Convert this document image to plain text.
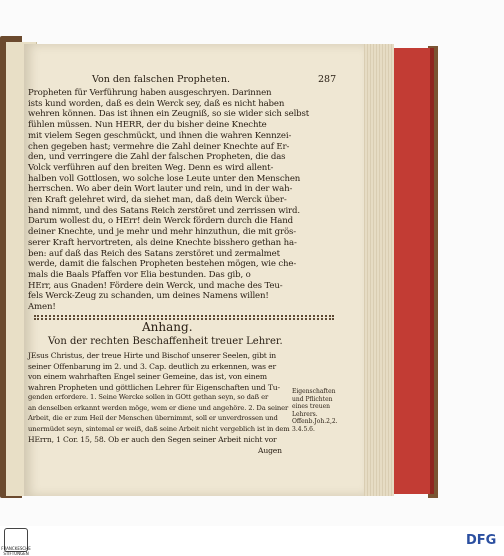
Von den falschen Propheten.	287
Propheten für Verführung haben ausgeschryen. Darinnen
ists kund worden, daß es dein Werck sey, daß es nicht haben
wehren können. Das ist ihnen ein Zeugniß, so sie wider sich selbst
fühlen müssen. Nun HERR, der du bisher deine Knechte
mit vielem Segen geschmückt, und ihnen die wahren Kennzei-
chen gegeben hast; vermehre die Zahl deiner Knechte auf Er-
den, und verringere die Zahl der falschen Propheten, die das
Volck verführen auf den breiten Weg. Denn es wird allent-
halben voll Gottlosen, wo solche lose Leute unter den Menschen
herrschen. Wo aber dein Wort lauter und rein, und in der wah-
ren Kraft gelehret wird, da siehet man, daß dein Werck über-
hand nimmt, und des Satans Reich zerstöret und zerrissen wird.
Darum wollest du, o HErr! dein Werck fördern durch die Hand
deiner Knechte, und je mehr und mehr hinzuthun, die mit grös-
serer Kraft hervortreten, als deine Knechte bisshero gethan ha-
ben: auf daß das Reich des Satans zerstöret und zermalmet
werde, damit die falschen Propheten bestehen mögen, wie che-
mals die Baals Pfaffen vor Elia bestunden. Das gib, o
HErr, aus Gnaden! Fördere dein Werck, und mache des Teu-
fels Werck-Zeug zu schanden, um deines Namens willen!
Amen!
Anhang.
Von der rechten Beschaffenheit treuer Lehrer.
JEsus Christus, der treue Hirte und Bischof unserer Seelen, gibt in
seiner Offenbarung im 2. und 3. Cap. deutlich zu erkennen, was er
von einem wahrhaften Engel seiner Gemeine, das ist, von einem
wahren Propheten und göttlichen Lehrer für Eigenschaften und Tu-
genden erfordere. 1. Seine Wercke sollen in GOtt gethan seyn, so daß er
an denselben erkannt werden möge, wem er diene und angehöre. 2. Da seiner
Arbeit, die er zum Heil der Menschen übernimmt, soll er unverdrossen und
unermüdet seyn, sintemal er weiß, daß seine Arbeit nicht vergeblich ist in dem
HErrn, 1 Cor. 15, 58. Ob er auch den Segen seiner Arbeit nicht vor
Augen
Eigenschaften
und Pflichten
eines treuen
Lehrers.
Offenb.Joh.2,2.
3.4.5.6.
FRANCKESCHE STIFTUNGEN
DFG
